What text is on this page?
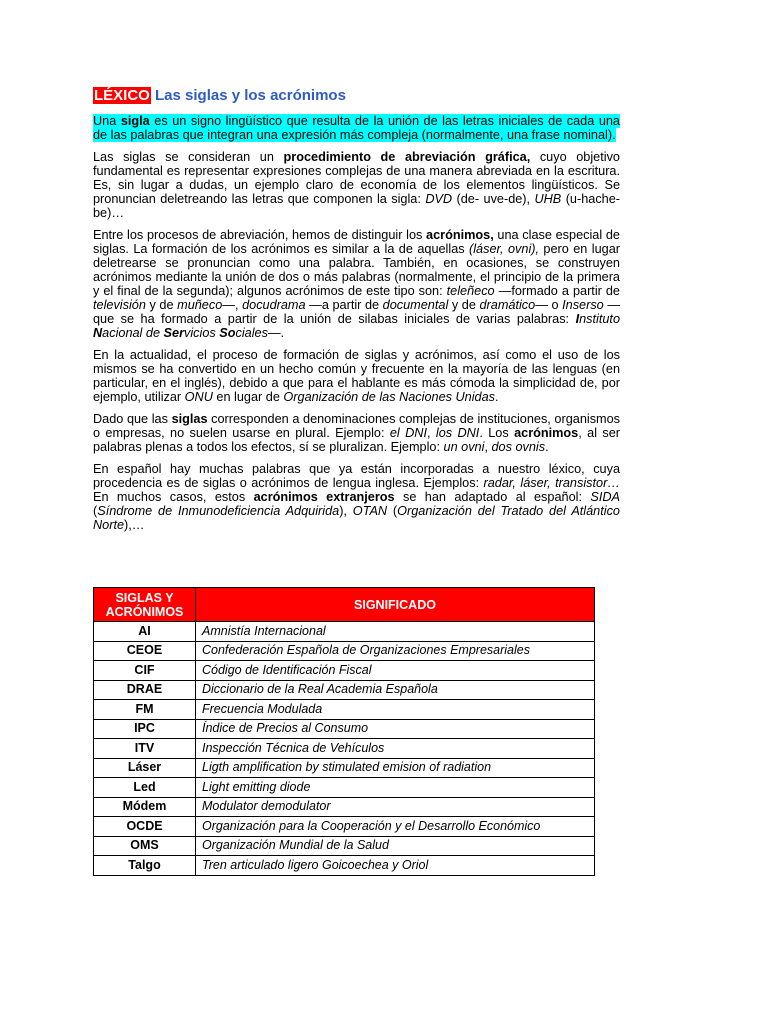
LÉXICO Las siglas y los acrónimos

Una sigla es un signo lingüístico que resulta de la unión de las letras iniciales de cada una de las palabras que integran una expresión más compleja (normalmente, una frase nominal).

Las siglas se consideran un procedimiento de abreviación gráfica, cuyo objetivo fundamental es representar expresiones complejas de una manera abreviada en la escritura. Es, sin lugar a dudas, un ejemplo claro de economía de los elementos lingüísticos. Se pronuncian deletreando las letras que componen la sigla: DVD (de- uve-de), UHB (u-hache-be)…

Entre los procesos de abreviación, hemos de distinguir los acrónimos, una clase especial de siglas. La formación de los acrónimos es similar a la de aquellas (láser, ovni), pero en lugar deletrearse se pronuncian como una palabra. También, en ocasiones, se construyen acrónimos mediante la unión de dos o más palabras (normalmente, el principio de la primera y el final de la segunda); algunos acrónimos de este tipo son: teleñeco —formado a partir de televisión y de muñeco—, docudrama —a partir de documental y de dramático— o Inserso —que se ha formado a partir de la unión de silabas iniciales de varias palabras: Instituto Nacional de Servicios Sociales—.

En la actualidad, el proceso de formación de siglas y acrónimos, así como el uso de los mismos se ha convertido en un hecho común y frecuente en la mayoría de las lenguas (en particular, en el inglés), debido a que para el hablante es más cómoda la simplicidad de, por ejemplo, utilizar ONU en lugar de Organización de las Naciones Unidas.

Dado que las siglas corresponden a denominaciones complejas de instituciones, organismos o empresas, no suelen usarse en plural. Ejemplo: el DNI, los DNI. Los acrónimos, al ser palabras plenas a todos los efectos, sí se pluralizan. Ejemplo: un ovni, dos ovnis.

En español hay muchas palabras que ya están incorporadas a nuestro léxico, cuya procedencia es de siglas o acrónimos de lengua inglesa. Ejemplos: radar, láser, transistor… En muchos casos, estos acrónimos extranjeros se han adaptado al español: SIDA (Síndrome de Inmunodeficiencia Adquirida), OTAN (Organización del Tratado del Atlántico Norte),…

SIGLAS Y ACRÓNIMOS	SIGNIFICADO
AI	Amnistía Internacional
CEOE	Confederación Española de Organizaciones Empresariales
CIF	Código de Identificación Fiscal
DRAE	Diccionario de la Real Academia Española
FM	Frecuencia Modulada
IPC	Índice de Precios al Consumo
ITV	Inspección Técnica de Vehículos
Láser	Ligth amplification by stimulated emision of radiation
Led	Light emitting diode
Módem	Modulator demodulator
OCDE	Organización para la Cooperación y el Desarrollo Económico
OMS	Organización Mundial de la Salud
Talgo	Tren articulado ligero Goicoechea y Oriol
